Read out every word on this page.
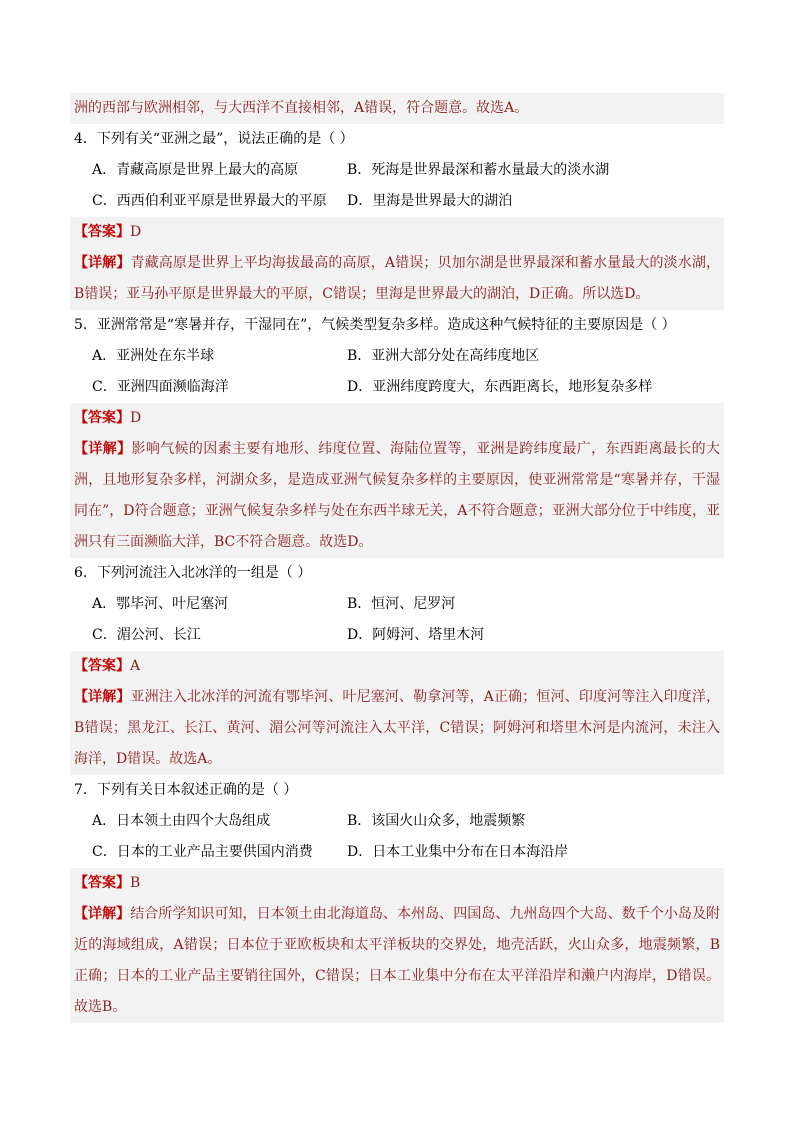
洲的西部与欧洲相邻，与大西洋不直接相邻，A错误，符合题意。故选A。
4．下列有关“亚洲之最”，说法正确的是（ ）
A．青藏高原是世界上最大的高原	B．死海是世界最深和蓄水量最大的淡水湖
C．西西伯利亚平原是世界最大的平原	D．里海是世界最大的湖泊
【答案】D
【详解】青藏高原是世界上平均海拔最高的高原，A错误；贝加尔湖是世界最深和蓄水量最大的淡水湖，B错误；亚马孙平原是世界最大的平原，C错误；里海是世界最大的湖泊，D正确。所以选D。
5．亚洲常常是“寒暑并存，干湿同在”，气候类型复杂多样。造成这种气候特征的主要原因是（ ）
A．亚洲处在东半球	B．亚洲大部分处在高纬度地区
C．亚洲四面濒临海洋	D．亚洲纬度跨度大，东西距离长，地形复杂多样
【答案】D
【详解】影响气候的因素主要有地形、纬度位置、海陆位置等，亚洲是跨纬度最广，东西距离最长的大洲，且地形复杂多样，河湖众多，是造成亚洲气候复杂多样的主要原因，使亚洲常常是“寒暑并存，干湿同在”，D符合题意；亚洲气候复杂多样与处在东西半球无关，A不符合题意；亚洲大部分位于中纬度，亚洲只有三面濒临大洋，BC不符合题意。故选D。
6．下列河流注入北冰洋的一组是（ ）
A．鄂毕河、叶尼塞河	B．恒河、尼罗河
C．湄公河、长江	D．阿姆河、塔里木河
【答案】A
【详解】亚洲注入北冰洋的河流有鄂毕河、叶尼塞河、勒拿河等，A正确；恒河、印度河等注入印度洋，B错误；黑龙江、长江、黄河、湄公河等河流注入太平洋，C错误；阿姆河和塔里木河是内流河，未注入海洋，D错误。故选A。
7．下列有关日本叙述正确的是（ ）
A．日本领土由四个大岛组成	B．该国火山众多，地震频繁
C．日本的工业产品主要供国内消费	D．日本工业集中分布在日本海沿岸
【答案】B
【详解】结合所学知识可知，日本领土由北海道岛、本州岛、四国岛、九州岛四个大岛、数千个小岛及附近的海域组成，A错误；日本位于亚欧板块和太平洋板块的交界处，地壳活跃，火山众多，地震频繁，B正确；日本的工业产品主要销往国外，C错误；日本工业集中分布在太平洋沿岸和濑户内海岸，D错误。故选B。
